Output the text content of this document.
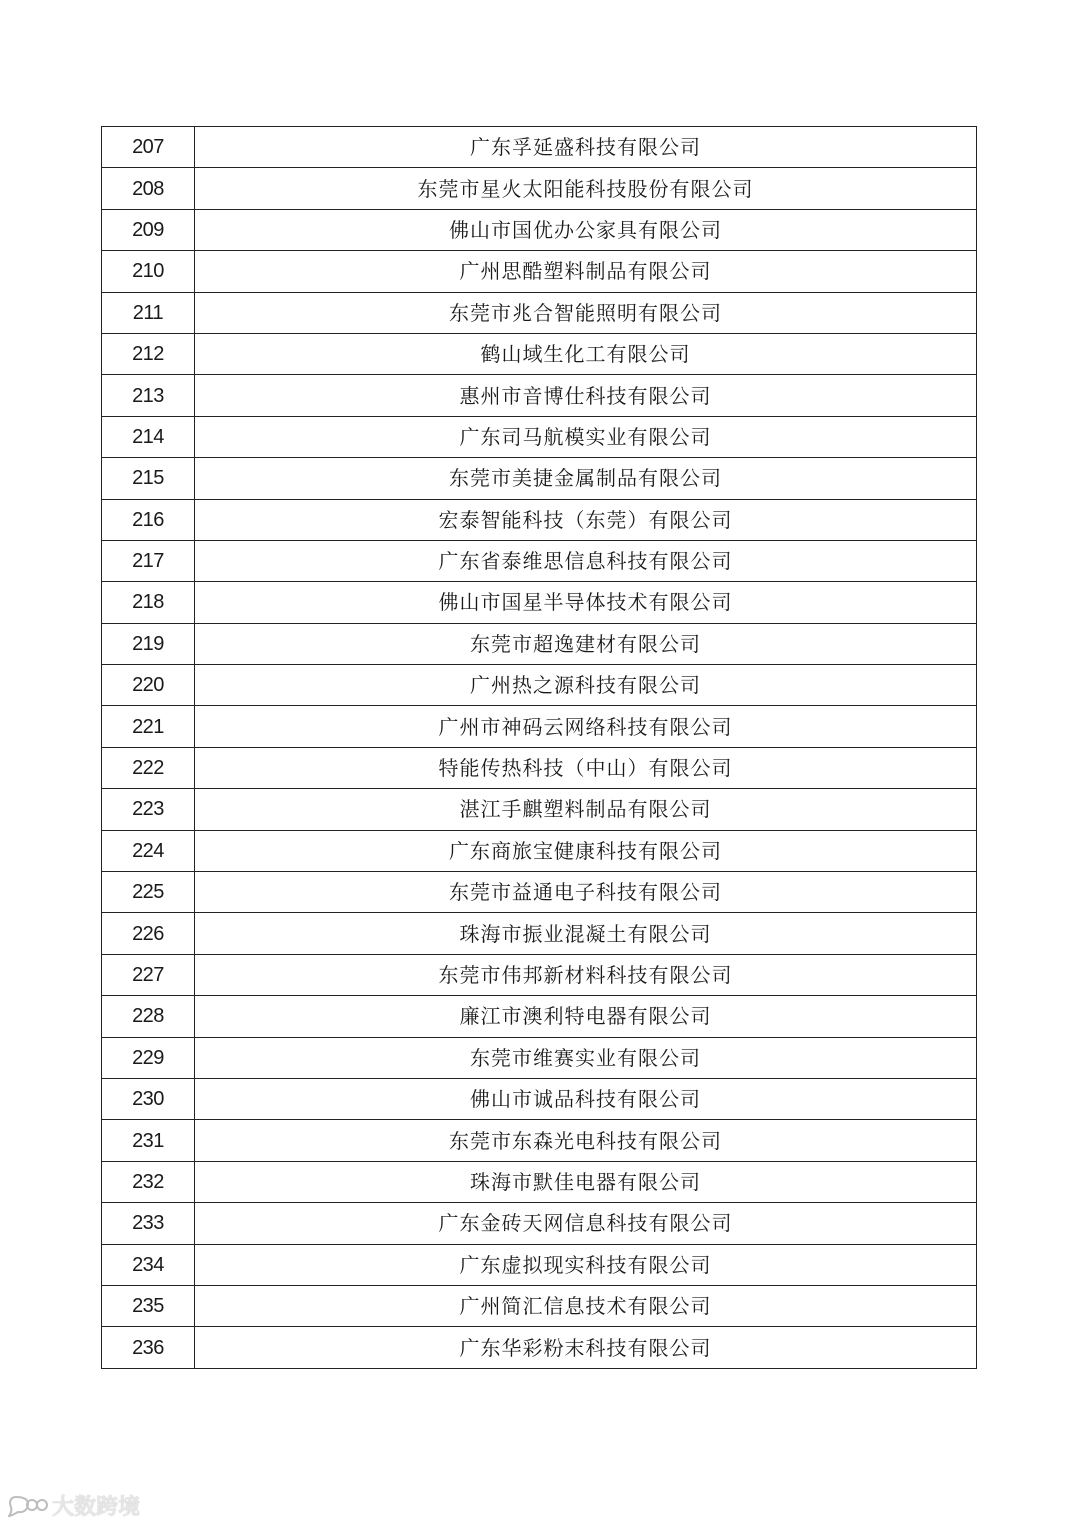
207	广东孚延盛科技有限公司
208	东莞市星火太阳能科技股份有限公司
209	佛山市国优办公家具有限公司
210	广州思酷塑料制品有限公司
211	东莞市兆合智能照明有限公司
212	鹤山域生化工有限公司
213	惠州市音博仕科技有限公司
214	广东司马航模实业有限公司
215	东莞市美捷金属制品有限公司
216	宏泰智能科技（东莞）有限公司
217	广东省泰维思信息科技有限公司
218	佛山市国星半导体技术有限公司
219	东莞市超逸建材有限公司
220	广州热之源科技有限公司
221	广州市神码云网络科技有限公司
222	特能传热科技（中山）有限公司
223	湛江手麒塑料制品有限公司
224	广东商旅宝健康科技有限公司
225	东莞市益通电子科技有限公司
226	珠海市振业混凝土有限公司
227	东莞市伟邦新材料科技有限公司
228	廉江市澳利特电器有限公司
229	东莞市维赛实业有限公司
230	佛山市诚品科技有限公司
231	东莞市东森光电科技有限公司
232	珠海市默佳电器有限公司
233	广东金砖天网信息科技有限公司
234	广东虚拟现实科技有限公司
235	广州简汇信息技术有限公司
236	广东华彩粉末科技有限公司
大数跨境
